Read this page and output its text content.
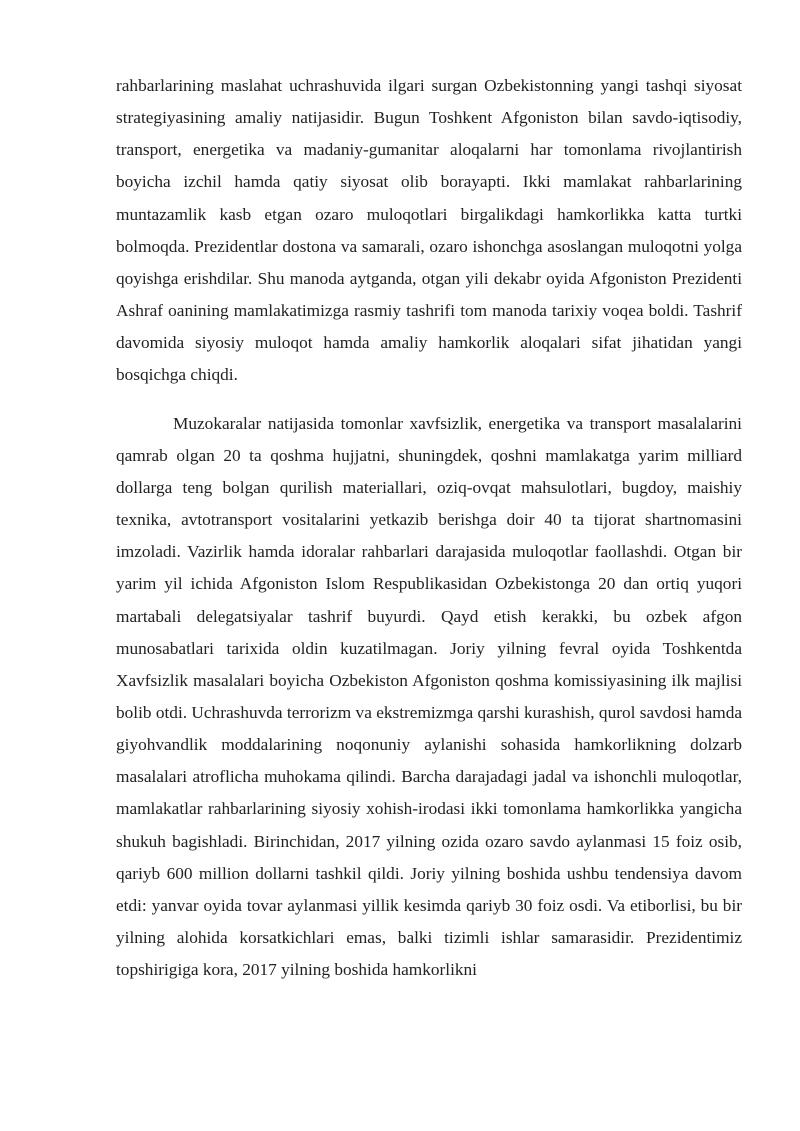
rahbarlarining maslahat uchrashuvida ilgari surgan Ozbekistonning yangi tashqi siyosat strategiyasining amaliy natijasidir. Bugun Toshkent Afgoniston bilan savdo-iqtisodiy, transport, energetika va madaniy-gumanitar aloqalarni har tomonlama rivojlantirish boyicha izchil hamda qatiy siyosat olib borayapti. Ikki mamlakat rahbarlarining muntazamlik kasb etgan ozaro muloqotlari birgalikdagi hamkorlikka katta turtki bolmoqda. Prezidentlar dostona va samarali, ozaro ishonchga asoslangan muloqotni yolga qoyishga erishdilar. Shu manoda aytganda, otgan yili dekabr oyida Afgoniston Prezidenti Ashraf oanining mamlakatimizga rasmiy tashrifi tom manoda tarixiy voqea boldi. Tashrif davomida siyosiy muloqot hamda amaliy hamkorlik aloqalari sifat jihatidan yangi bosqichga chiqdi.

Muzokaralar natijasida tomonlar xavfsizlik, energetika va transport masalalarini qamrab olgan 20 ta qoshma hujjatni, shuningdek, qoshni mamlakatga yarim milliard dollarga teng bolgan qurilish materiallari, oziq-ovqat mahsulotlari, bugdoy, maishiy texnika, avtotransport vositalarini yetkazib berishga doir 40 ta tijorat shartnomasini imzoladi. Vazirlik hamda idoralar rahbarlari darajasida muloqotlar faollashdi. Otgan bir yarim yil ichida Afgoniston Islom Respublikasidan Ozbekistonga 20 dan ortiq yuqori martabali delegatsiyalar tashrif buyurdi. Qayd etish kerakki, bu ozbek afgon munosabatlari tarixida oldin kuzatilmagan. Joriy yilning fevral oyida Toshkentda Xavfsizlik masalalari boyicha Ozbekiston Afgoniston qoshma komissiyasining ilk majlisi bolib otdi. Uchrashuvda terrorizm va ekstremizmga qarshi kurashish, qurol savdosi hamda giyohvandlik moddalarining noqonuniy aylanishi sohasida hamkorlikning dolzarb masalalari atroflicha muhokama qilindi. Barcha darajadagi jadal va ishonchli muloqotlar, mamlakatlar rahbarlarining siyosiy xohish-irodasi ikki tomonlama hamkorlikka yangicha shukuh bagishladi. Birinchidan, 2017 yilning ozida ozaro savdo aylanmasi 15 foiz osib, qariyb 600 million dollarni tashkil qildi. Joriy yilning boshida ushbu tendensiya davom etdi: yanvar oyida tovar aylanmasi yillik kesimda qariyb 30 foiz osdi. Va etiborlisi, bu bir yilning alohida korsatkichlari emas, balki tizimli ishlar samarasidir. Prezidentimiz topshirigiga kora, 2017 yilning boshida hamkorlikni
